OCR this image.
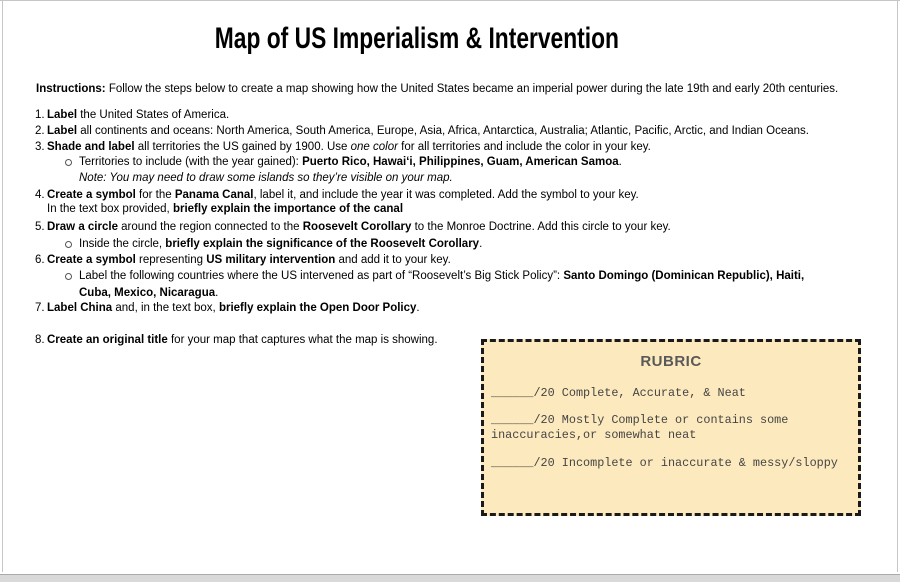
Map of US Imperialism & Intervention

Instructions: Follow the steps below to create a map showing how the United States became an imperial power during the late 19th and early 20th centuries.

1. Label the United States of America.
2. Label all continents and oceans: North America, South America, Europe, Asia, Africa, Antarctica, Australia; Atlantic, Pacific, Arctic, and Indian Oceans.
3. Shade and label all territories the US gained by 1900. Use one color for all territories and include the color in your key.
Territories to include (with the year gained): Puerto Rico, Hawaiʻi, Philippines, Guam, American Samoa.
Note: You may need to draw some islands so they’re visible on your map.
4. Create a symbol for the Panama Canal, label it, and include the year it was completed. Add the symbol to your key.
In the text box provided, briefly explain the importance of the canal
5. Draw a circle around the region connected to the Roosevelt Corollary to the Monroe Doctrine. Add this circle to your key.
Inside the circle, briefly explain the significance of the Roosevelt Corollary.
6. Create a symbol representing US military intervention and add it to your key.
Label the following countries where the US intervened as part of “Roosevelt’s Big Stick Policy”: Santo Domingo (Dominican Republic), Haiti,
Cuba, Mexico, Nicaragua.
7. Label China and, in the text box, briefly explain the Open Door Policy.
8. Create an original title for your map that captures what the map is showing.
RUBRIC

______/20 Complete, Accurate, & Neat

______/20 Mostly Complete or contains some inaccuracies,or somewhat neat

______/20 Incomplete or inaccurate & messy/sloppy
